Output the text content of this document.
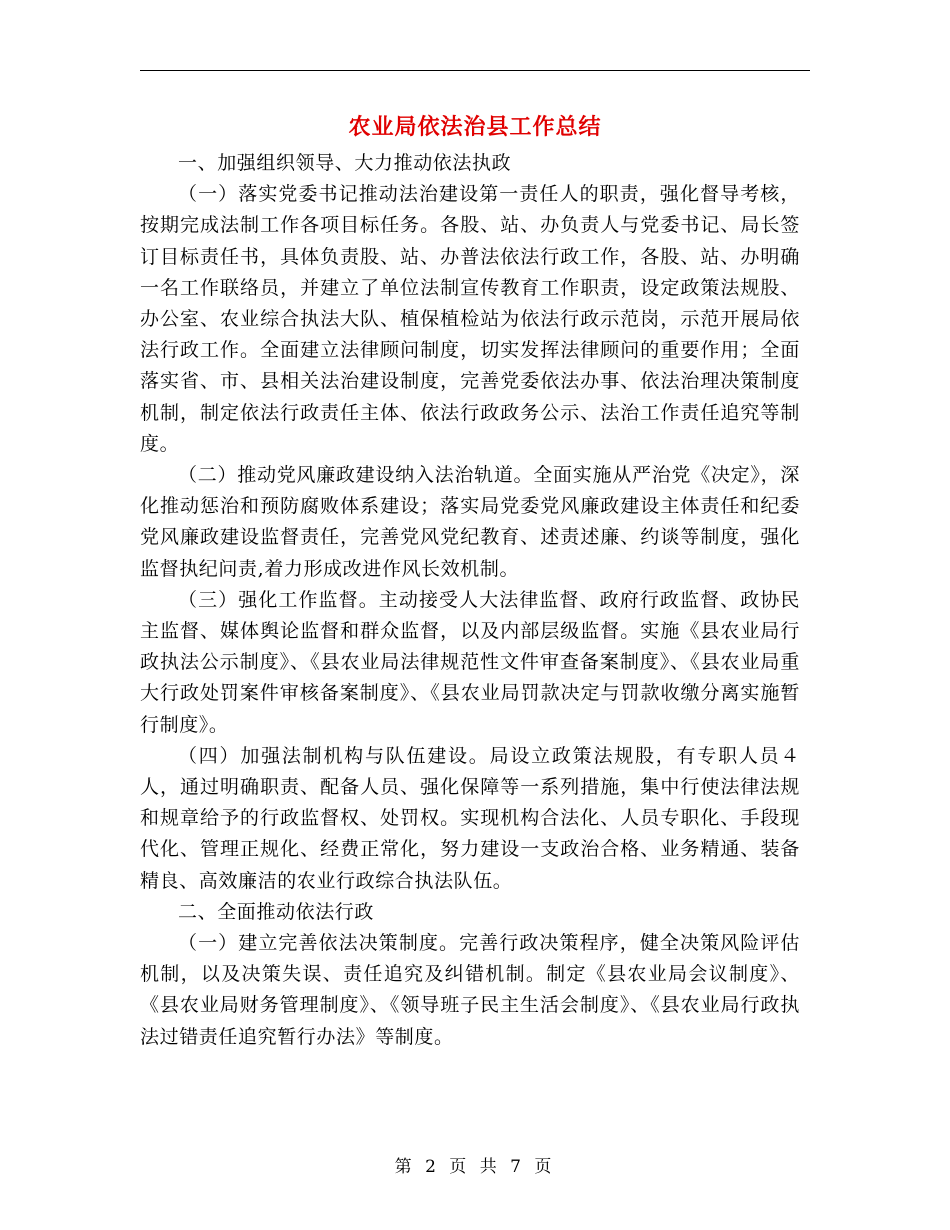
农业局依法治县工作总结

一、加强组织领导、大力推动依法执政

（一）落实党委书记推动法治建设第一责任人的职责，强化督导考核，按期完成法制工作各项目标任务。各股、站、办负责人与党委书记、局长签订目标责任书，具体负责股、站、办普法依法行政工作，各股、站、办明确一名工作联络员，并建立了单位法制宣传教育工作职责，设定政策法规股、办公室、农业综合执法大队、植保植检站为依法行政示范岗，示范开展局依法行政工作。全面建立法律顾问制度，切实发挥法律顾问的重要作用；全面落实省、市、县相关法治建设制度，完善党委依法办事、依法治理决策制度机制，制定依法行政责任主体、依法行政政务公示、法治工作责任追究等制度。

（二）推动党风廉政建设纳入法治轨道。全面实施从严治党《决定》，深化推动惩治和预防腐败体系建设；落实局党委党风廉政建设主体责任和纪委党风廉政建设监督责任，完善党风党纪教育、述责述廉、约谈等制度，强化监督执纪问责,着力形成改进作风长效机制。

（三）强化工作监督。主动接受人大法律监督、政府行政监督、政协民主监督、媒体舆论监督和群众监督，以及内部层级监督。实施《县农业局行政执法公示制度》、《县农业局法律规范性文件审查备案制度》、《县农业局重大行政处罚案件审核备案制度》、《县农业局罚款决定与罚款收缴分离实施暂行制度》。

（四）加强法制机构与队伍建设。局设立政策法规股，有专职人员４人，通过明确职责、配备人员、强化保障等一系列措施，集中行使法律法规和规章给予的行政监督权、处罚权。实现机构合法化、人员专职化、手段现代化、管理正规化、经费正常化，努力建设一支政治合格、业务精通、装备精良、高效廉洁的农业行政综合执法队伍。

二、全面推动依法行政

（一）建立完善依法决策制度。完善行政决策程序，健全决策风险评估机制，以及决策失误、责任追究及纠错机制。制定《县农业局会议制度》、《县农业局财务管理制度》、《领导班子民主生活会制度》、《县农业局行政执法过错责任追究暂行办法》等制度。

第 2 页 共 7 页
